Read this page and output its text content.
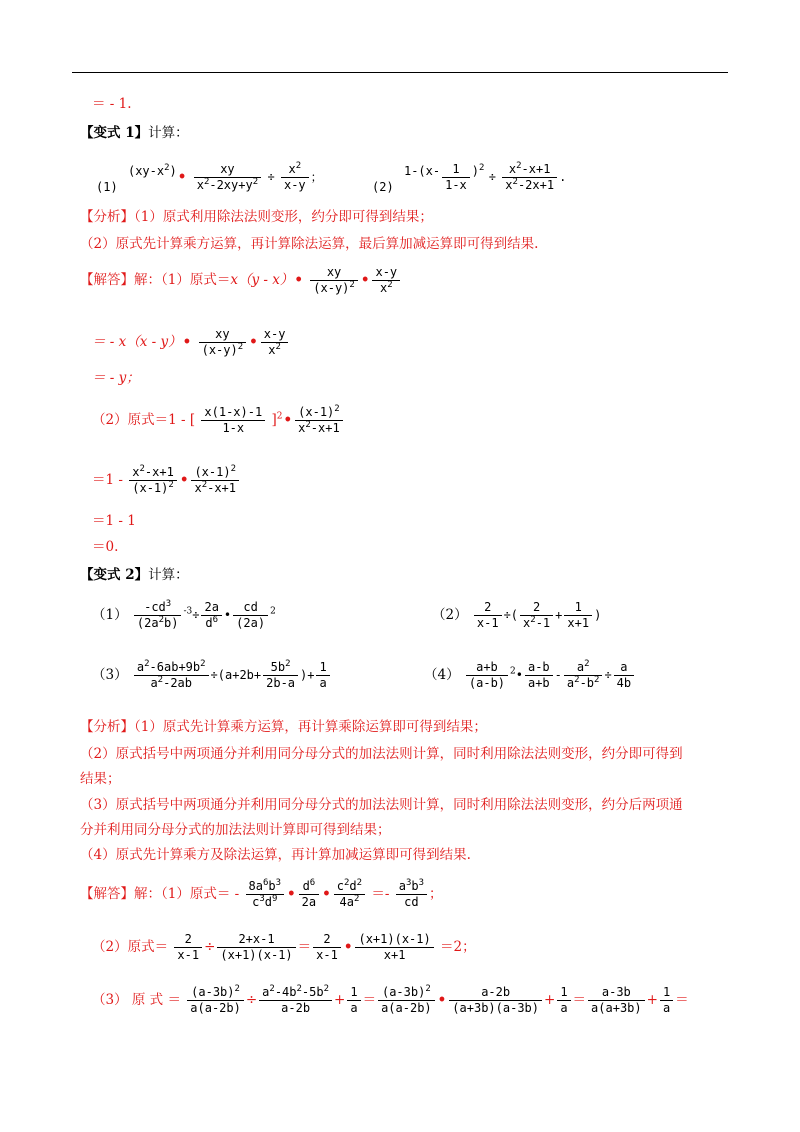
＝ - 1.
【变式 1】计算：
(1) $(xy-x^2)• \frac{xy}{x^2-2xy+y^2} \div \frac{x^2}{x-y}$ ；
(2) $1-(x- \frac{1}{1-x} )^2 \div \frac{x^2-x+1}{x^2-2x+1}$ .
【分析】（1）原式利用除法法则变形，约分即可得到结果；
（2）原式先计算乘方运算，再计算除法运算，最后算加减运算即可得到结果.
【解答】解：（1）原式＝x（y - x）• $\frac{xy}{(x-y)^2}$ • $\frac{x-y}{x^2}$
＝ - x（x - y）• $\frac{xy}{(x-y)^2}$ • $\frac{x-y}{x^2}$
＝ - y；
（2）原式＝1 - [ $\frac{x(1-x)-1}{1-x}$ ]$^2$• $\frac{(x-1)^2}{x^2-x+1}$
$=1 - \frac{x^2-x+1}{(x-1)^2}$ • $\frac{(x-1)^2}{x^2-x+1}$
＝1 - 1
＝0.
【变式 2】计算：
$(1) \frac{-cd^3}{(2a^2b)} ^{-3}\div \frac{2a}{d^6}$ • $\frac{cd}{(2a)} ^2$	$(2) \frac{2}{x-1}$ ÷( $\frac{2}{x^2-1} + \frac{1}{x+1}$ )
$(3) \frac{a^2-6ab+9b^2}{a^2-2ab} \div(a+2b+ \frac{5b^2}{2b-a}$ )+ $\frac{1}{a}$	$(4) \frac{a+b}{(a-b)}$ $^2$• $\frac{a-b}{a+b} - \frac{a^2}{a^2-b^2} \div \frac{a}{4b}$
【分析】（1）原式先计算乘方运算，再计算乘除运算即可得到结果；
（2）原式括号中两项通分并利用同分母分式的加法法则计算，同时利用除法法则变形，约分即可得到
结果；
（3）原式括号中两项通分并利用同分母分式的加法法则计算，同时利用除法法则变形，约分后两项通
分并利用同分母分式的加法法则计算即可得到结果；
（4）原式先计算乘方及除法运算，再计算加减运算即可得到结果.
【解答】解：（1）原式＝ - $\frac{8a^6b^3}{c^3d^9}$ • $\frac{d^6}{2a}$ • $\frac{c^2d^2}{4a^2} =- \frac{a^3b^3}{cd}$ ；
（2）原式＝ $\frac{2}{x-1} \div \frac{2+x-1}{(x+1)(x-1)} = \frac{2}{x-1}$ • $\frac{(x+1)(x-1)}{x+1} =2$；
（3） 原 式 ＝ $\frac{(a-3b)^2}{a(a-2b)} \div \frac{a^2-4b^2-5b^2}{a-2b} + \frac{1}{a} = \frac{(a-3b)^2}{a(a-2b)}$ • $\frac{a-2b}{(a+3b)(a-3b)} + \frac{1}{a} = \frac{a-3b}{a(a+3b)} + \frac{1}{a}$ ＝
